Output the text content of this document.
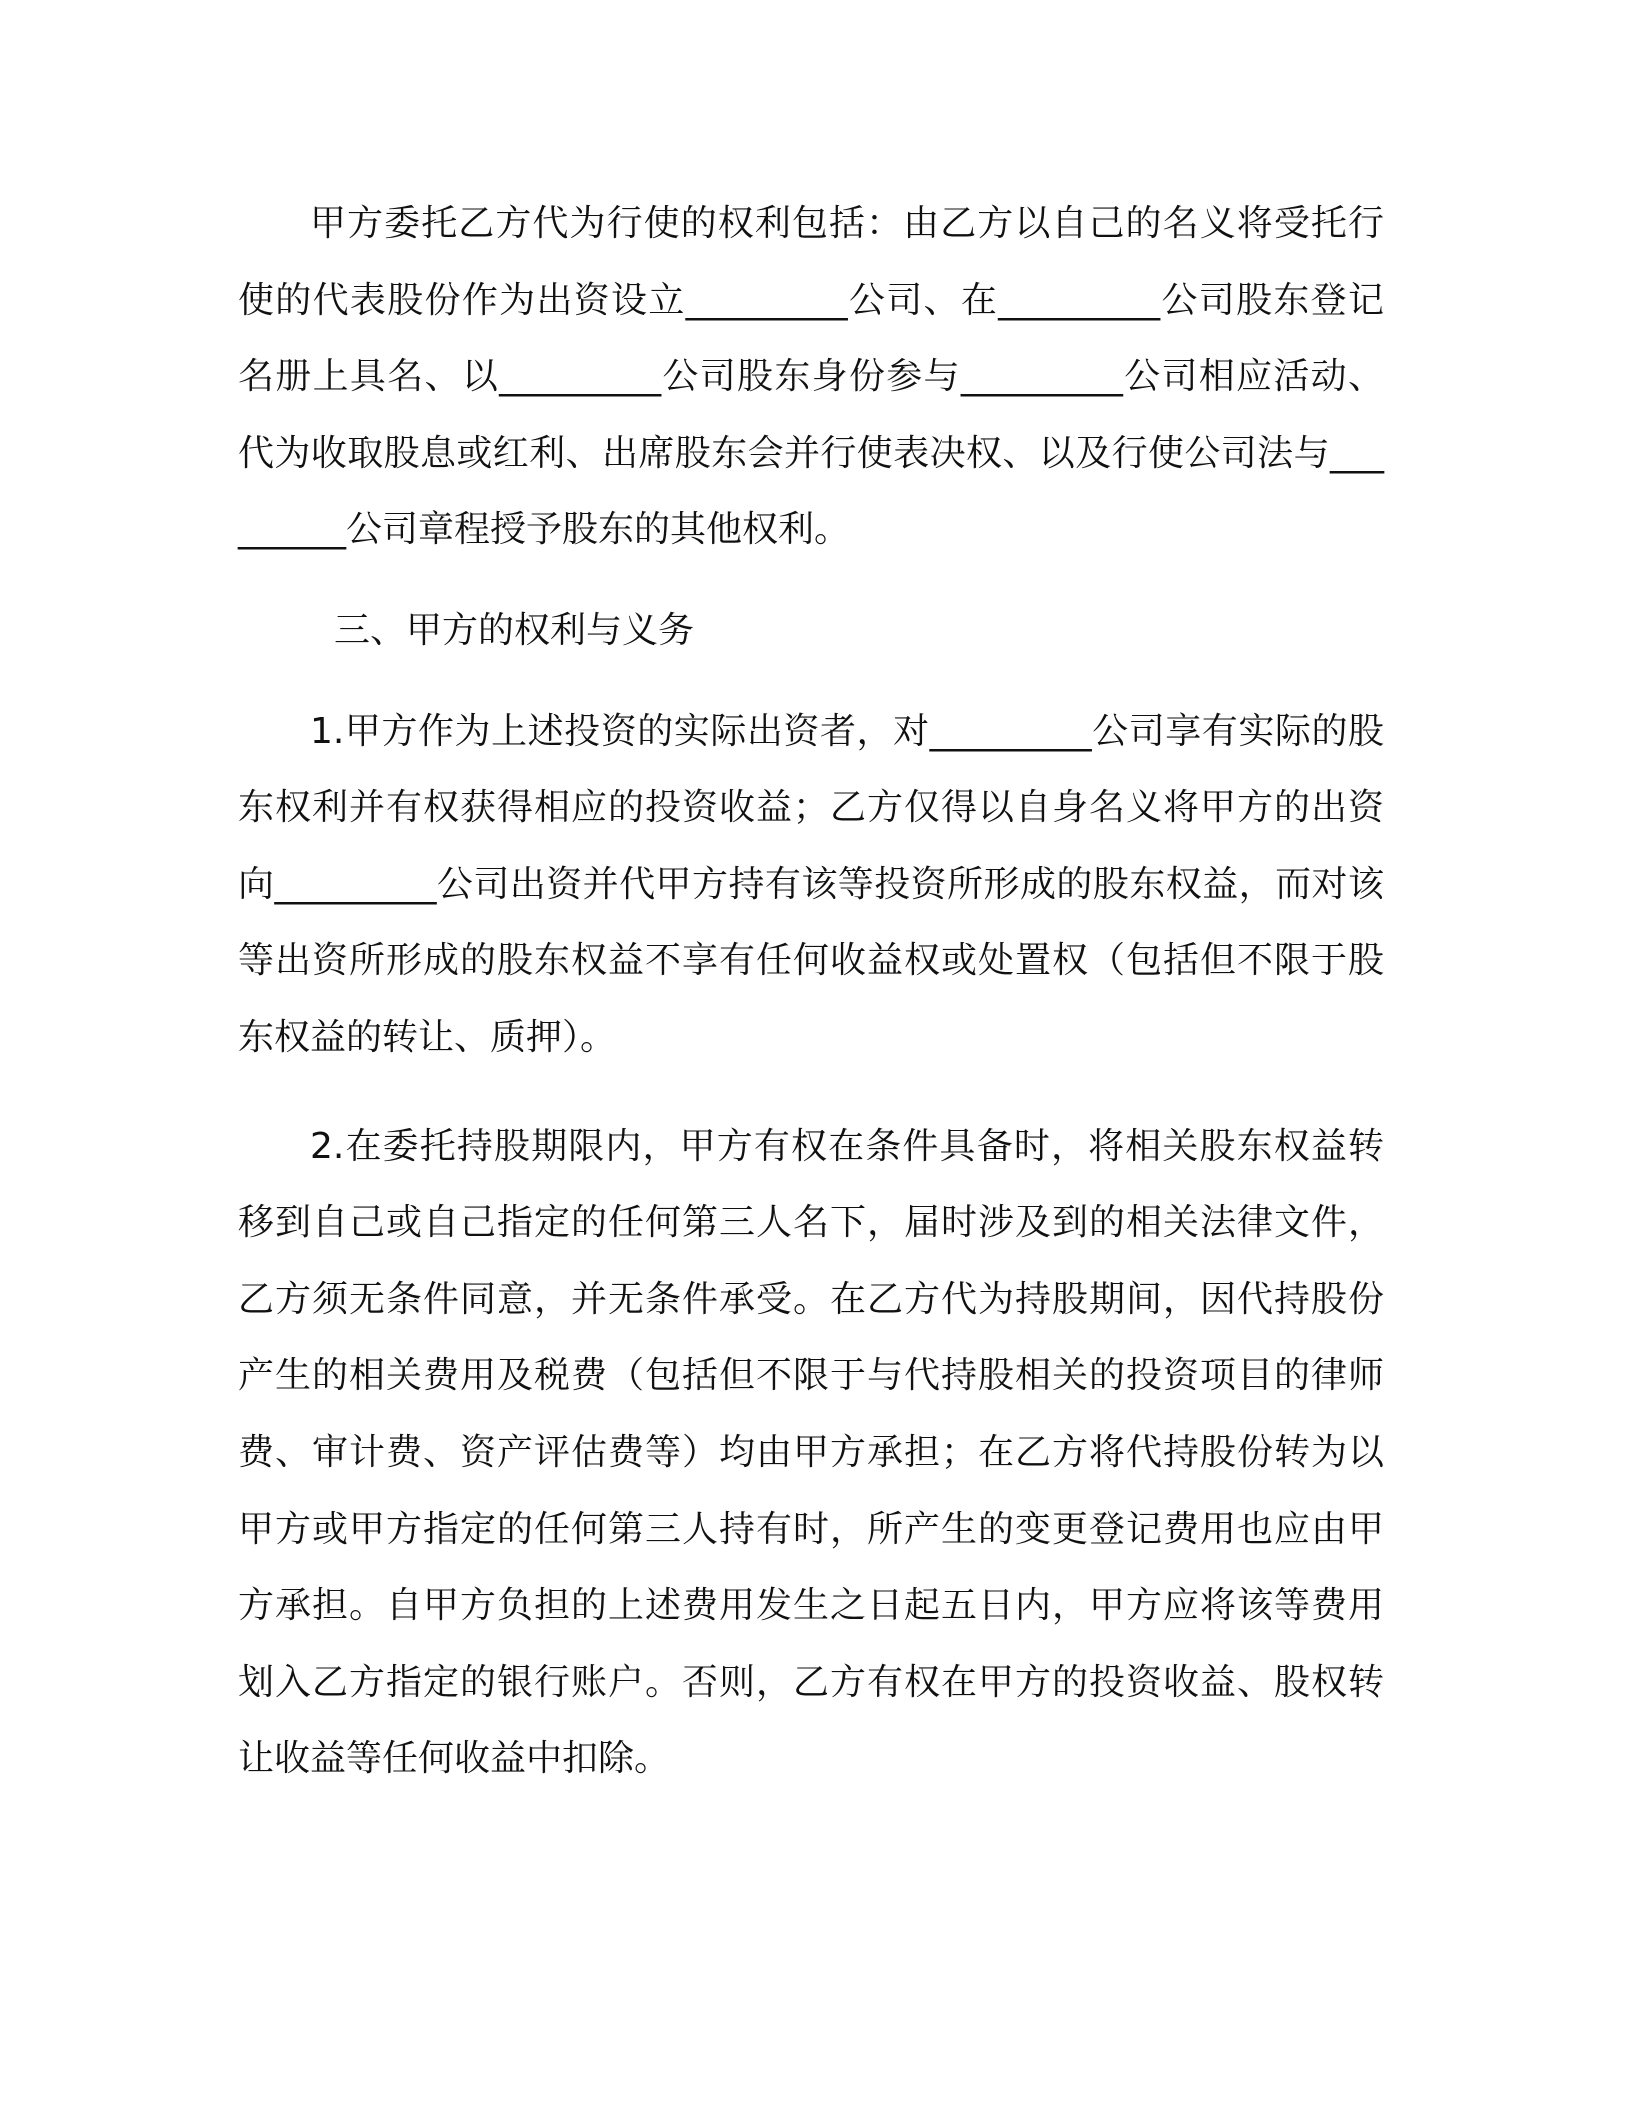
甲方委托乙方代为行使的权利包括：由乙方以自己的名义将受托行使的代表股份作为出资设立_________公司、在_________公司股东登记名册上具名、以_________公司股东身份参与_________公司相应活动、代为收取股息或红利、出席股东会并行使表决权、以及行使公司法与_________公司章程授予股东的其他权利。

三、甲方的权利与义务

1.甲方作为上述投资的实际出资者，对_________公司享有实际的股东权利并有权获得相应的投资收益；乙方仅得以自身名义将甲方的出资向_________公司出资并代甲方持有该等投资所形成的股东权益，而对该等出资所形成的股东权益不享有任何收益权或处置权（包括但不限于股东权益的转让、质押）。

2.在委托持股期限内，甲方有权在条件具备时，将相关股东权益转移到自己或自己指定的任何第三人名下，届时涉及到的相关法律文件，乙方须无条件同意，并无条件承受。在乙方代为持股期间，因代持股份产生的相关费用及税费（包括但不限于与代持股相关的投资项目的律师费、审计费、资产评估费等）均由甲方承担；在乙方将代持股份转为以甲方或甲方指定的任何第三人持有时，所产生的变更登记费用也应由甲方承担。自甲方负担的上述费用发生之日起五日内，甲方应将该等费用划入乙方指定的银行账户。否则，乙方有权在甲方的投资收益、股权转让收益等任何收益中扣除。
